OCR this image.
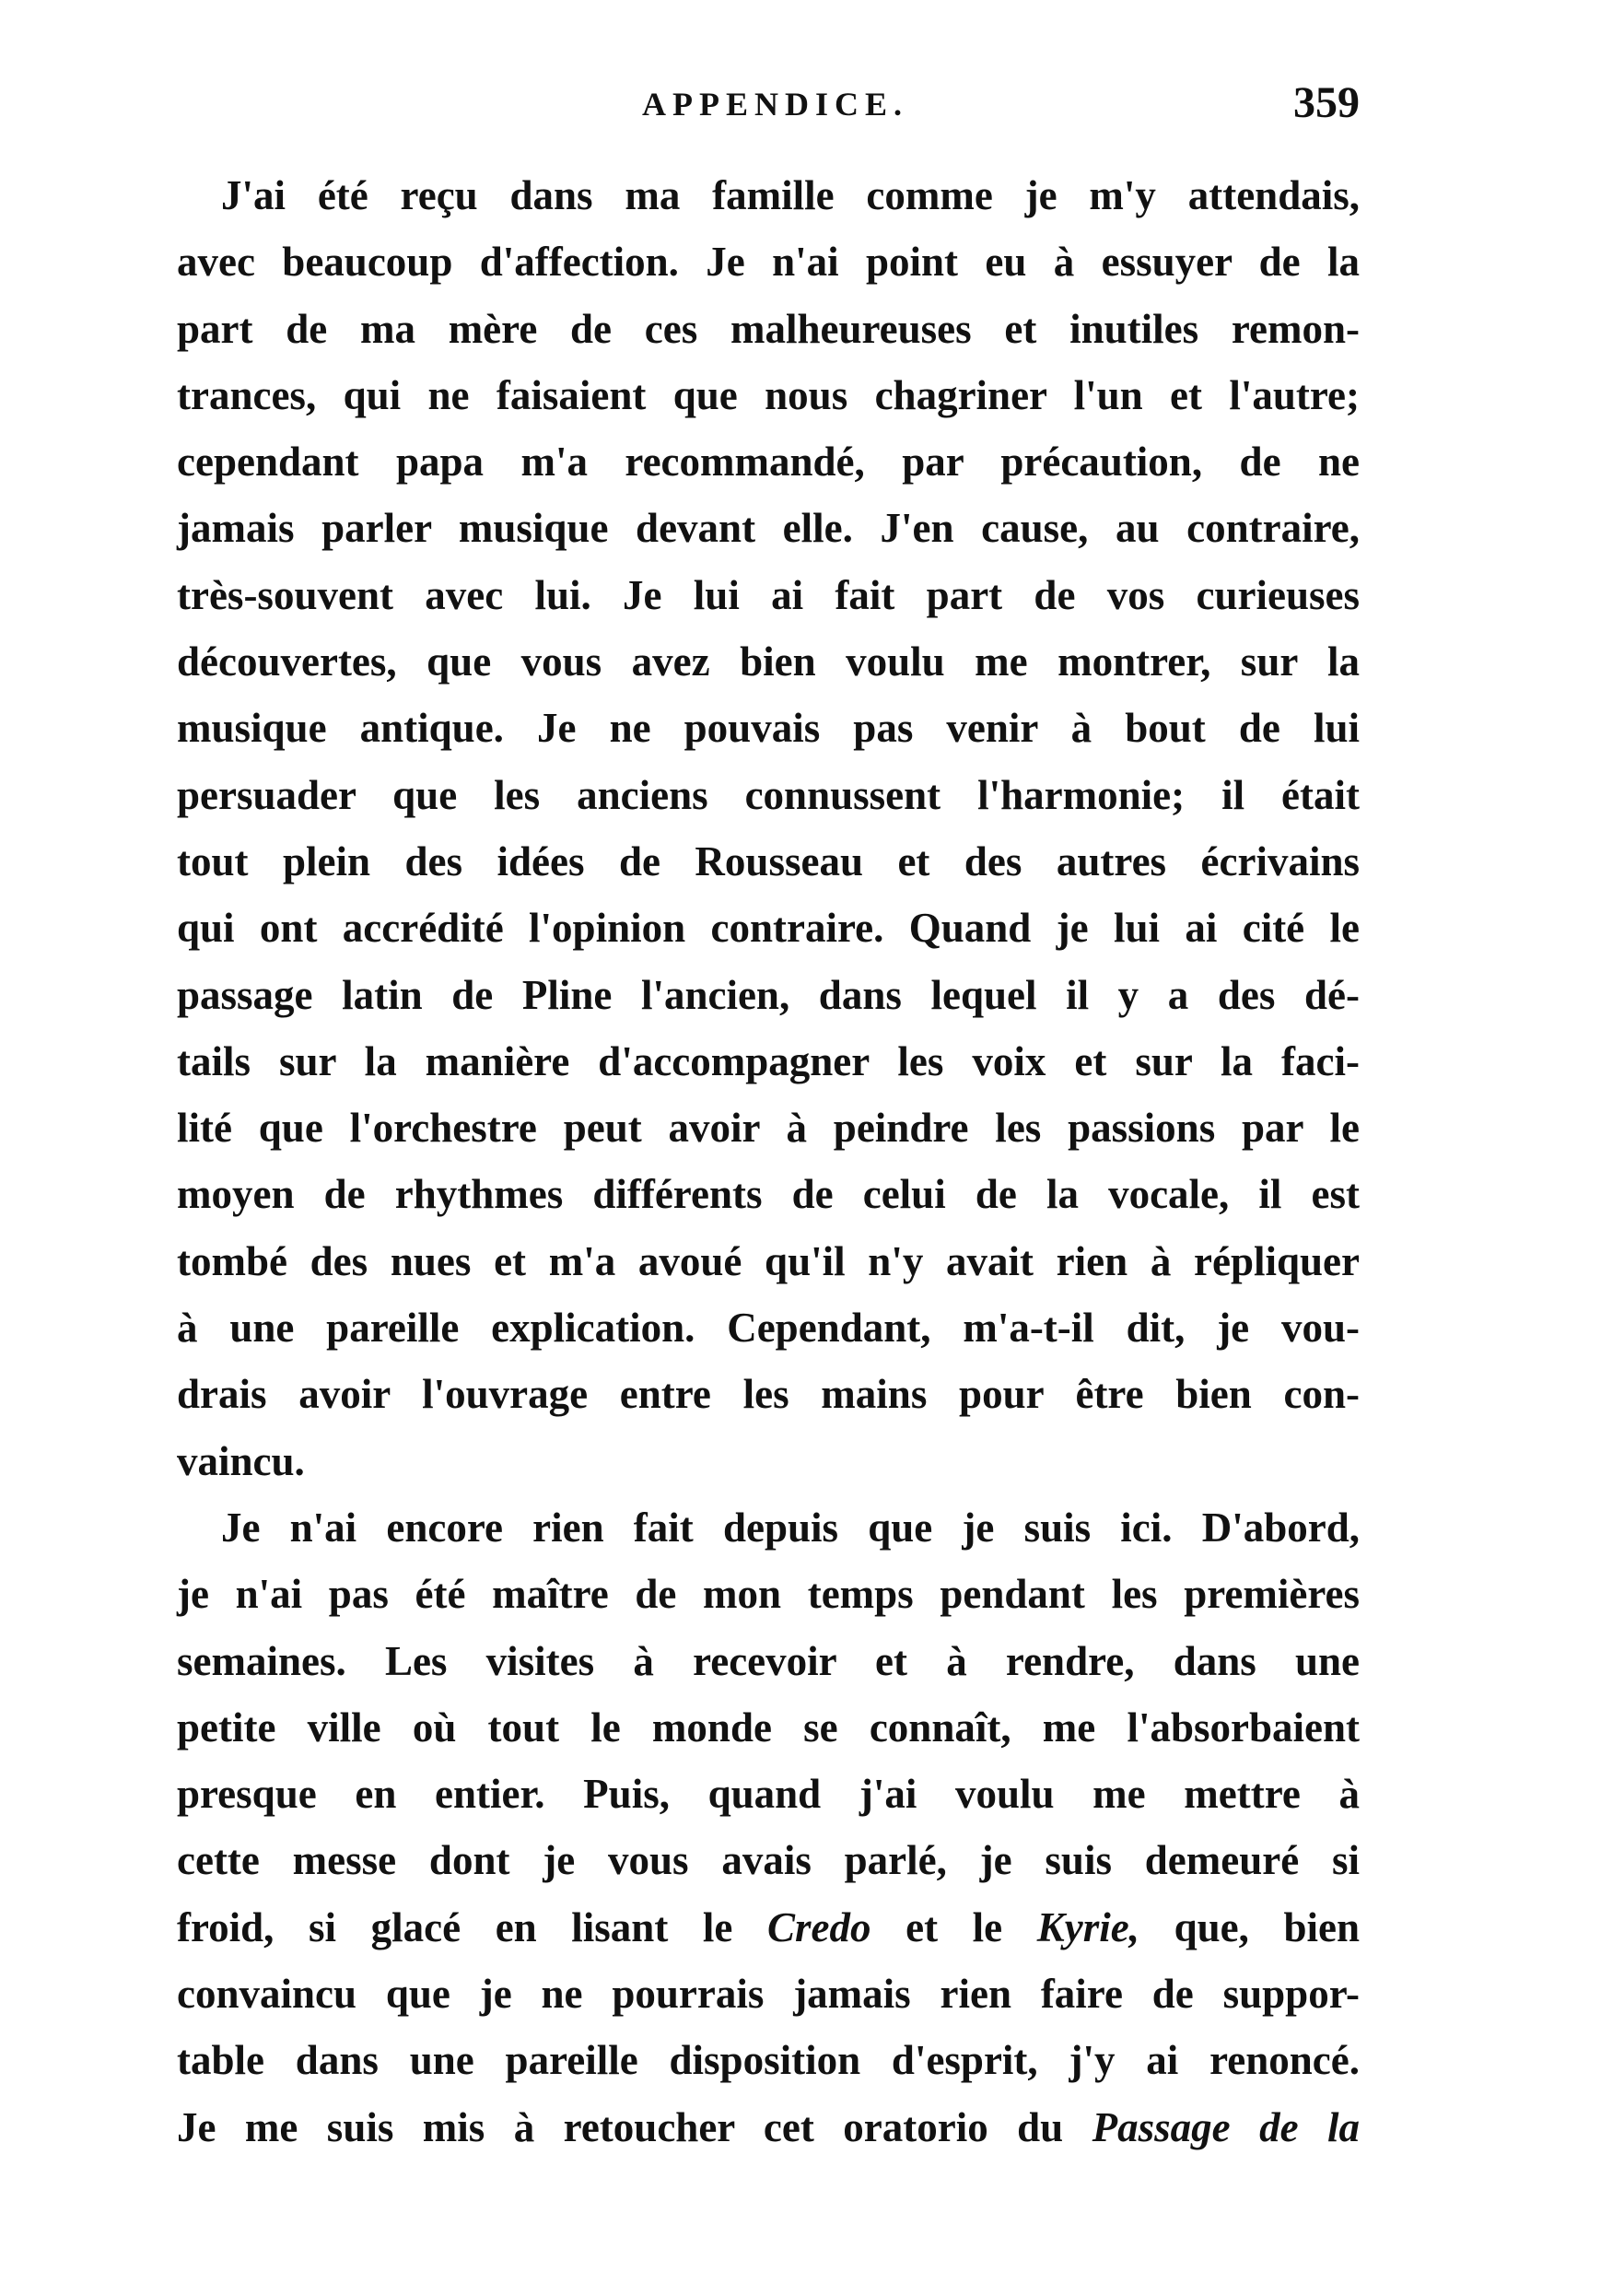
APPENDICE.	359
J'ai été reçu dans ma famille comme je m'y attendais,
avec beaucoup d'affection. Je n'ai point eu à essuyer de la
part de ma mère de ces malheureuses et inutiles remon-
trances, qui ne faisaient que nous chagriner l'un et l'autre;
cependant papa m'a recommandé, par précaution, de ne
jamais parler musique devant elle. J'en cause, au contraire,
très-souvent avec lui. Je lui ai fait part de vos curieuses
découvertes, que vous avez bien voulu me montrer, sur la
musique antique. Je ne pouvais pas venir à bout de lui
persuader que les anciens connussent l'harmonie; il était
tout plein des idées de Rousseau et des autres écrivains
qui ont accrédité l'opinion contraire. Quand je lui ai cité le
passage latin de Pline l'ancien, dans lequel il y a des dé-
tails sur la manière d'accompagner les voix et sur la faci-
lité que l'orchestre peut avoir à peindre les passions par le
moyen de rhythmes différents de celui de la vocale, il est
tombé des nues et m'a avoué qu'il n'y avait rien à répliquer
à une pareille explication. Cependant, m'a-t-il dit, je vou-
drais avoir l'ouvrage entre les mains pour être bien con-
vaincu.
Je n'ai encore rien fait depuis que je suis ici. D'abord,
je n'ai pas été maître de mon temps pendant les premières
semaines. Les visites à recevoir et à rendre, dans une
petite ville où tout le monde se connaît, me l'absorbaient
presque en entier. Puis, quand j'ai voulu me mettre à
cette messe dont je vous avais parlé, je suis demeuré si
froid, si glacé en lisant le Credo et le Kyrie, que, bien
convaincu que je ne pourrais jamais rien faire de suppor-
table dans une pareille disposition d'esprit, j'y ai renoncé.
Je me suis mis à retoucher cet oratorio du Passage de la
